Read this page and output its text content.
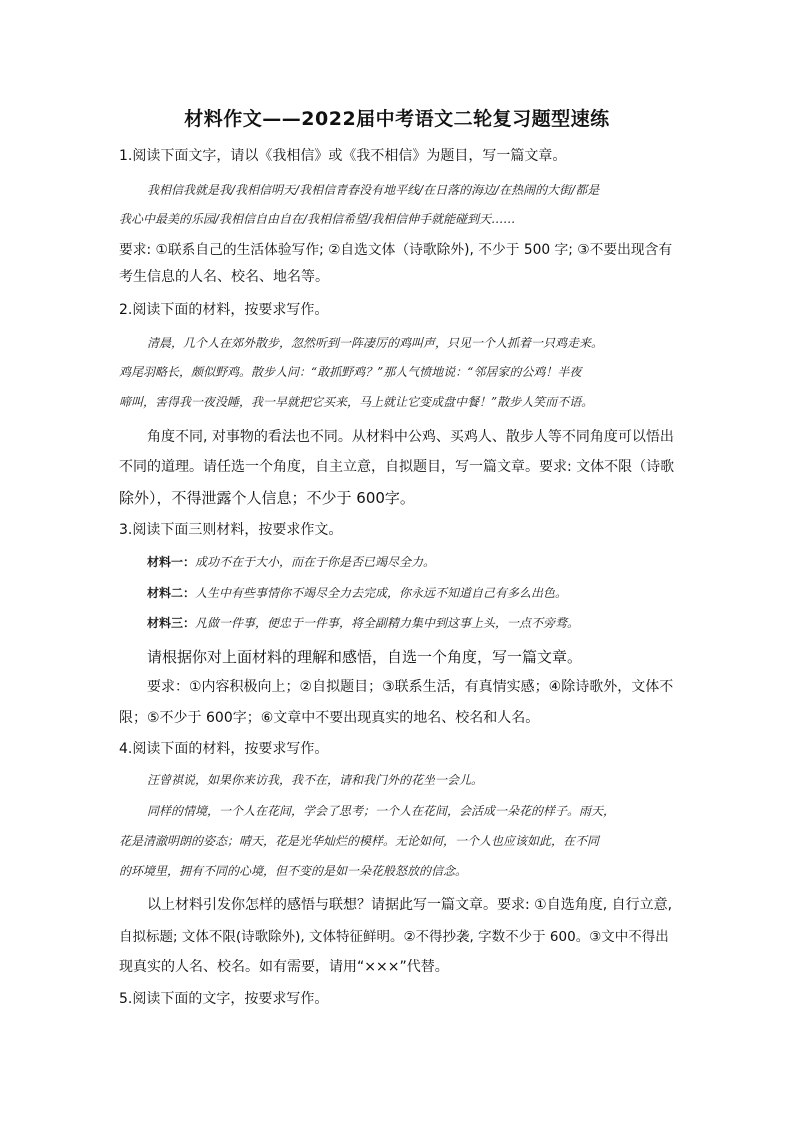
材料作文——2022届中考语文二轮复习题型速练
1.阅读下面文字，请以《我相信》或《我不相信》为题目，写一篇文章。
我相信我就是我/我相信明天/我相信青春没有地平线/在日落的海边/在热闹的大街/都是
我心中最美的乐园/我相信自由自在/我相信希望/我相信伸手就能碰到天……
要求: ①联系自己的生活体验写作; ②自选文体（诗歌除外), 不少于 500 字; ③不要出现含有
考生信息的人名、校名、地名等。
2.阅读下面的材料，按要求写作。
清晨，几个人在郊外散步，忽然听到一阵凄厉的鸡叫声，只见一个人抓着一只鸡走来。
鸡尾羽略长，颇似野鸡。散步人问：“敢抓野鸡？”那人气愤地说：“邻居家的公鸡！半夜
啼叫，害得我一夜没睡，我一早就把它买来，马上就让它变成盘中餐！”散步人笑而不语。
角度不同, 对事物的看法也不同。从材料中公鸡、买鸡人、散步人等不同角度可以悟出
不同的道理。请任选一个角度，自主立意，自拟题目，写一篇文章。要求: 文体不限（诗歌
除外），不得泄露个人信息；不少于 600字。
3.阅读下面三则材料，按要求作文。
材料一：成功不在于大小，而在于你是否已竭尽全力。
材料二：人生中有些事情你不竭尽全力去完成，你永远不知道自己有多么出色。
材料三：凡做一件事，便忠于一件事，将全副精力集中到这事上头，一点不旁骛。
请根据你对上面材料的理解和感悟，自选一个角度，写一篇文章。
要求：①内容积极向上；②自拟题目；③联系生活，有真情实感；④除诗歌外，文体不
限；⑤不少于 600字；⑥文章中不要出现真实的地名、校名和人名。
4.阅读下面的材料，按要求写作。
汪曾祺说，如果你来访我，我不在，请和我门外的花坐一会儿。
同样的情境，一个人在花间，学会了思考；一个人在花间，会活成一朵花的样子。雨天，
花是清澈明朗的姿态；晴天，花是光华灿烂的模样。无论如何，一个人也应该如此，在不同
的环境里，拥有不同的心境，但不变的是如一朵花般怒放的信念。
以上材料引发你怎样的感悟与联想？请据此写一篇文章。要求: ①自选角度, 自行立意,
自拟标题; 文体不限(诗歌除外), 文体特征鲜明。②不得抄袭, 字数不少于 600。③文中不得出
现真实的人名、校名。如有需要，请用“×××”代替。
5.阅读下面的文字，按要求写作。
